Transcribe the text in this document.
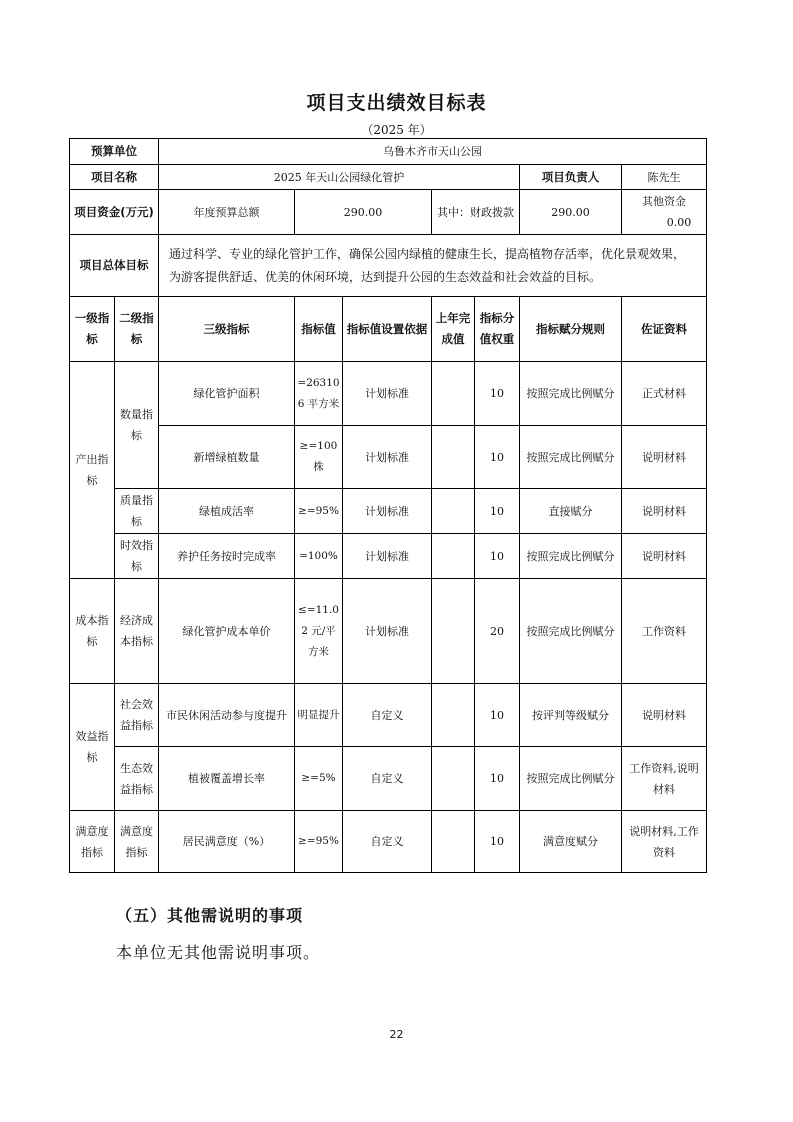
项目支出绩效目标表
（2025 年）
预算单位		乌鲁木齐市天山公园						
项目名称		2025 年天山公园绿化管护					项目负责人	陈先生
项目资金(万元)		年度预算总额	290.00		其中：财政拨款		290.00	其他资金0.00
项目总体目标		通过科学、专业的绿化管护工作，确保公园内绿植的健康生长，提高植物存活率，优化景观效果，为游客提供舒适、优美的休闲环境，达到提升公园的生态效益和社会效益的目标。						
一级指标	二级指标	三级指标	指标值	指标值设置依据	上年完成值	指标分值权重	指标赋分规则	佐证资料
产出指标	数量指标	绿化管护面积	=263106 平方米	计划标准		10	按照完成比例赋分	正式材料
		新增绿植数量	≥=100 株	计划标准		10	按照完成比例赋分	说明材料
	质量指标	绿植成活率	≥=95%	计划标准		10	直接赋分	说明材料
	时效指标	养护任务按时完成率	=100%	计划标准		10	按照完成比例赋分	说明材料
成本指标	经济成本指标	绿化管护成本单价	≤=11.02 元/平方米	计划标准		20	按照完成比例赋分	工作资料
效益指标	社会效益指标	市民休闲活动参与度提升	明显提升	自定义		10	按评判等级赋分	说明材料
	生态效益指标	植被覆盖增长率	≥=5%	自定义		10	按照完成比例赋分	工作资料,说明材料
满意度指标	满意度指标	居民满意度（%）	≥=95%	自定义		10	满意度赋分	说明材料,工作资料
（五）其他需说明的事项
本单位无其他需说明事项。
22
